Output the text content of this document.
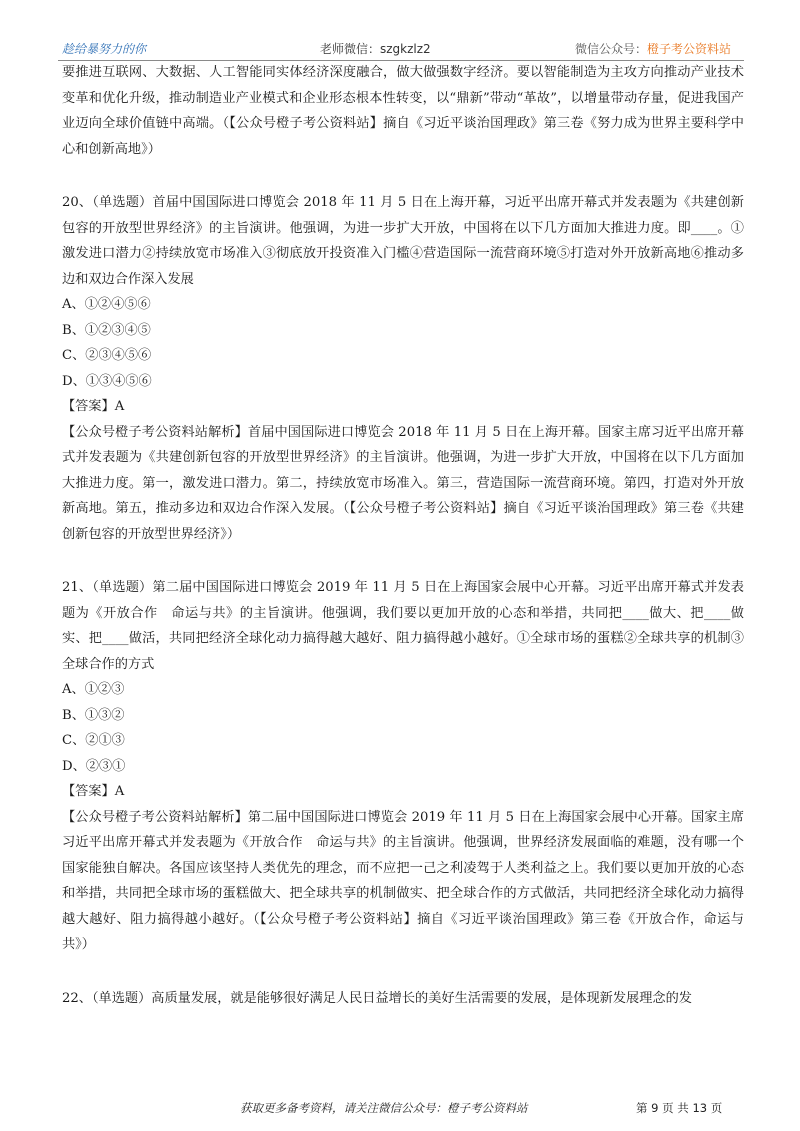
趁给暴努力的你	老师微信：szgkzlz2	微信公众号：橙子考公资料站

要推进互联网、大数据、人工智能同实体经济深度融合，做大做强数字经济。要以智能制造为主攻方向推动产业技术变革和优化升级，推动制造业产业模式和企业形态根本性转变，以“鼎新”带动“革故”，以增量带动存量，促进我国产业迈向全球价值链中高端。（【公众号橙子考公资料站】摘自《习近平谈治国理政》第三卷《努力成为世界主要科学中心和创新高地》）

20、（单选题）首届中国国际进口博览会 2018 年 11 月 5 日在上海开幕，习近平出席开幕式并发表题为《共建创新包容的开放型世界经济》的主旨演讲。他强调，为进一步扩大开放，中国将在以下几方面加大推进力度。即____。①激发进口潜力②持续放宽市场准入③彻底放开投资准入门槛④营造国际一流营商环境⑤打造对外开放新高地⑥推动多边和双边合作深入发展

A、①②④⑤⑥

B、①②③④⑤

C、②③④⑤⑥

D、①③④⑤⑥

【答案】A

【公众号橙子考公资料站解析】首届中国国际进口博览会 2018 年 11 月 5 日在上海开幕。国家主席习近平出席开幕式并发表题为《共建创新包容的开放型世界经济》的主旨演讲。他强调，为进一步扩大开放，中国将在以下几方面加大推进力度。第一，激发进口潜力。第二，持续放宽市场准入。第三，营造国际一流营商环境。第四，打造对外开放新高地。第五，推动多边和双边合作深入发展。（【公众号橙子考公资料站】摘自《习近平谈治国理政》第三卷《共建创新包容的开放型世界经济》）

21、（单选题）第二届中国国际进口博览会 2019 年 11 月 5 日在上海国家会展中心开幕。习近平出席开幕式并发表题为《开放合作　命运与共》的主旨演讲。他强调，我们要以更加开放的心态和举措，共同把____做大、把____做实、把____做活，共同把经济全球化动力搞得越大越好、阻力搞得越小越好。①全球市场的蛋糕②全球共享的机制③全球合作的方式

A、①②③

B、①③②

C、②①③

D、②③①

【答案】A

【公众号橙子考公资料站解析】第二届中国国际进口博览会 2019 年 11 月 5 日在上海国家会展中心开幕。国家主席习近平出席开幕式并发表题为《开放合作　命运与共》的主旨演讲。他强调，世界经济发展面临的难题，没有哪一个国家能独自解决。各国应该坚持人类优先的理念，而不应把一己之利凌驾于人类利益之上。我们要以更加开放的心态和举措，共同把全球市场的蛋糕做大、把全球共享的机制做实、把全球合作的方式做活，共同把经济全球化动力搞得越大越好、阻力搞得越小越好。（【公众号橙子考公资料站】摘自《习近平谈治国理政》第三卷《开放合作，命运与共》）

22、（单选题）高质量发展，就是能够很好满足人民日益增长的美好生活需要的发展，是体现新发展理念的发

获取更多备考资料，请关注微信公众号：橙子考公资料站	第 9 页 共 13 页
